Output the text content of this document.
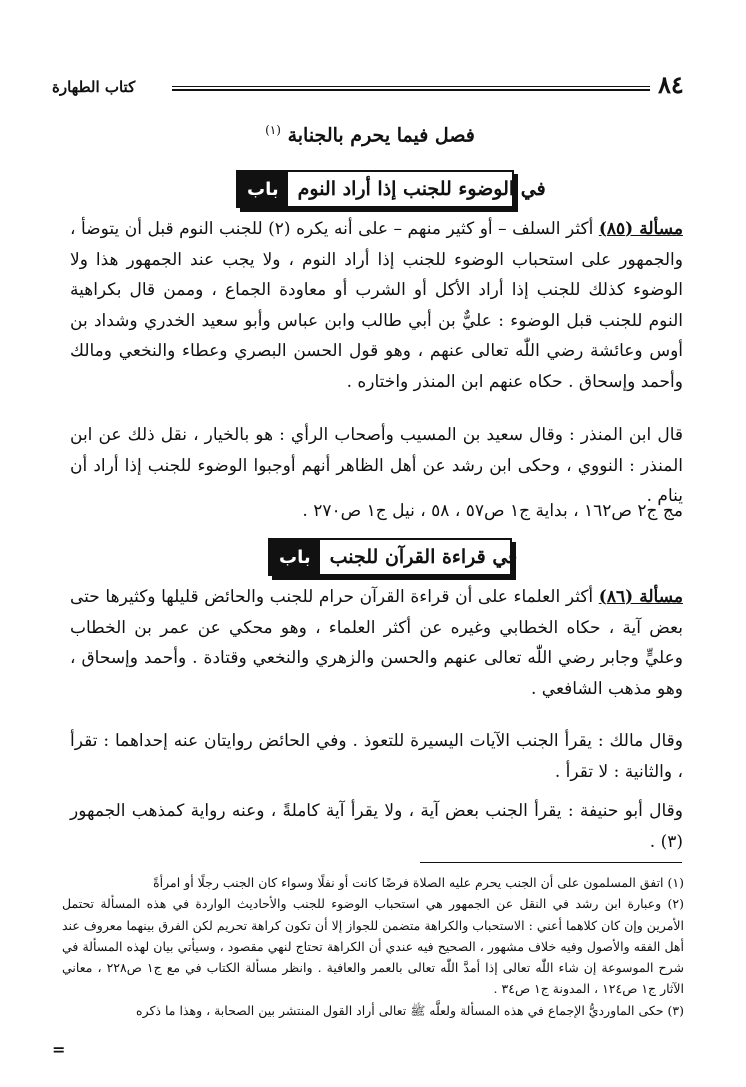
كتاب الطهارة	٨٤
فصل فيما يحرم بالجنابة $^{(١)}$
باب	في الوضوء للجنب إذا أراد النوم
مسألة (٨٥) أكثر السلف – أو كثير منهم – على أنه يكره (٢) للجنب النوم قبل أن يتوضأ ، والجمهور على استحباب الوضوء للجنب إذا أراد النوم ، ولا يجب عند الجمهور هذا ولا الوضوء كذلك للجنب إذا أراد الأكل أو الشرب أو معاودة الجماع ، وممن قال بكراهية النوم للجنب قبل الوضوء : عليٌّ بن أبي طالب وابن عباس وأبو سعيد الخدري وشداد بن أوس وعائشة رضي اللّٰه تعالى عنهم ، وهو قول الحسن البصري وعطاء والنخعي ومالك وأحمد وإسحاق . حكاه عنهم ابن المنذر واختاره .
قال ابن المنذر : وقال سعيد بن المسيب وأصحاب الرأي : هو بالخيار ، نقل ذلك عن ابن المنذر : النووي ، وحكى ابن رشد عن أهل الظاهر أنهم أوجبوا الوضوء للجنب إذا أراد أن ينام .
مج ج٢ ص١٦٢ ، بداية ج١ ص٥٧ ، ٥٨ ، نيل ج١ ص٢٧٠ .
باب	في قراءة القرآن للجنب
مسألة (٨٦) أكثر العلماء على أن قراءة القرآن حرام للجنب والحائض قليلها وكثيرها حتى بعض آية ، حكاه الخطابي وغيره عن أكثر العلماء ، وهو محكي عن عمر بن الخطاب وعليٍّ وجابر رضي اللّٰه تعالى عنهم والحسن والزهري والنخعي وقتادة . وأحمد وإسحاق ، وهو مذهب الشافعي .
وقال مالك : يقرأ الجنب الآيات اليسيرة للتعوذ . وفي الحائض روايتان عنه إحداهما : تقرأ ، والثانية : لا تقرأ .
وقال أبو حنيفة : يقرأ الجنب بعض آية ، ولا يقرأ آية كاملةً ، وعنه رواية كمذهب الجمهور (٣) .

(١) اتفق المسلمون على أن الجنب يحرم عليه الصلاة فرضًا كانت أو نفلًا وسواء كان الجنب رجلًا أو امرأةً

(٢) وعبارة ابن رشد في النقل عن الجمهور هي استحباب الوضوء للجنب والأحاديث الواردة في هذه المسألة تحتمل الأمرين وإن كان كلاهما أعني : الاستحباب والكراهة متضمن للجواز إلا أن تكون كراهة تحريم لكن الفرق بينهما معروف عند أهل الفقه والأصول وفيه خلاف مشهور ، الصحيح فيه عندي أن الكراهة تحتاج لنهي مقصود ، وسيأتي بيان لهذه المسألة في شرح الموسوعة إن شاء اللّٰه تعالى إذا أمدَّ اللّٰه تعالى بالعمر والعافية . وانظر مسألة الكتاب في مع ج١ ص٢٢٨ ، معاني الآثار ج١ ص١٢٤ ، المدونة ج١ ص٣٤ .

(٣) حكى الماورديُّ الإجماع في هذه المسألة ولعلَّه ﷺ تعالى أراد القول المنتشر بين الصحابة ، وهذا ما ذكره

=
